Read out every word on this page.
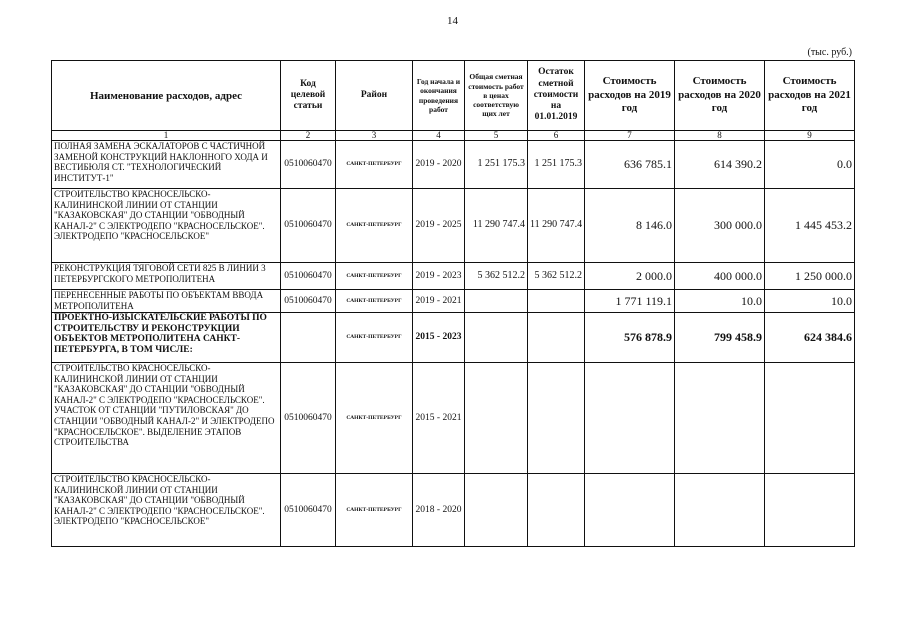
14
(тыс. руб.)
Наименование расходов, адрес	Код целевой статьи	Район	Год начала и окончания проведения работ	Общая сметная стоимость работ в ценах соответствую щих лет	Остаток сметной стоимости на 01.01.2019	Стоимость расходов на 2019 год	Стоимость расходов на 2020 год	Стоимость расходов на 2021 год
1	2	3	4	5	6	7	8	9
ПОЛНАЯ ЗАМЕНА ЭСКАЛАТОРОВ С ЧАСТИЧНОЙ ЗАМЕНОЙ КОНСТРУКЦИЙ НАКЛОННОГО ХОДА И ВЕСТИБЮЛЯ СТ. "ТЕХНОЛОГИЧЕСКИЙ ИНСТИТУТ-1"	0510060470	САНКТ-ПЕТЕРБУРГ	2019 - 2020	1 251 175.3	1 251 175.3	636 785.1	614 390.2	0.0
СТРОИТЕЛЬСТВО КРАСНОСЕЛЬСКО-КАЛИНИНСКОЙ ЛИНИИ ОТ СТАНЦИИ "КАЗАКОВСКАЯ" ДО СТАНЦИИ "ОБВОДНЫЙ КАНАЛ-2" С ЭЛЕКТРОДЕПО "КРАСНОСЕЛЬСКОЕ". ЭЛЕКТРОДЕПО "КРАСНОСЕЛЬСКОЕ"	0510060470	САНКТ-ПЕТЕРБУРГ	2019 - 2025	11 290 747.4	11 290 747.4	8 146.0	300 000.0	1 445 453.2
РЕКОНСТРУКЦИЯ ТЯГОВОЙ СЕТИ 825 В ЛИНИИ 3 ПЕТЕРБУРГСКОГО МЕТРОПОЛИТЕНА	0510060470	САНКТ-ПЕТЕРБУРГ	2019 - 2023	5 362 512.2	5 362 512.2	2 000.0	400 000.0	1 250 000.0
ПЕРЕНЕСЕННЫЕ РАБОТЫ ПО ОБЪЕКТАМ ВВОДА МЕТРОПОЛИТЕНА	0510060470	САНКТ-ПЕТЕРБУРГ	2019 - 2021			1 771 119.1	10.0	10.0
ПРОЕКТНО-ИЗЫСКАТЕЛЬСКИЕ РАБОТЫ ПО СТРОИТЕЛЬСТВУ И РЕКОНСТРУКЦИИ ОБЪЕКТОВ МЕТРОПОЛИТЕНА САНКТ-ПЕТЕРБУРГА, В ТОМ ЧИСЛЕ:		САНКТ-ПЕТЕРБУРГ	2015 - 2023			576 878.9	799 458.9	624 384.6
СТРОИТЕЛЬСТВО КРАСНОСЕЛЬСКО-КАЛИНИНСКОЙ ЛИНИИ ОТ СТАНЦИИ "КАЗАКОВСКАЯ" ДО СТАНЦИИ "ОБВОДНЫЙ КАНАЛ-2" С ЭЛЕКТРОДЕПО "КРАСНОСЕЛЬСКОЕ". УЧАСТОК ОТ СТАНЦИИ "ПУТИЛОВСКАЯ" ДО СТАНЦИИ "ОБВОДНЫЙ КАНАЛ-2" И ЭЛЕКТРОДЕПО "КРАСНОСЕЛЬСКОЕ". ВЫДЕЛЕНИЕ ЭТАПОВ СТРОИТЕЛЬСТВА	0510060470	САНКТ-ПЕТЕРБУРГ	2015 - 2021					
СТРОИТЕЛЬСТВО КРАСНОСЕЛЬСКО-КАЛИНИНСКОЙ ЛИНИИ ОТ СТАНЦИИ "КАЗАКОВСКАЯ" ДО СТАНЦИИ "ОБВОДНЫЙ КАНАЛ-2" С ЭЛЕКТРОДЕПО "КРАСНОСЕЛЬСКОЕ". ЭЛЕКТРОДЕПО "КРАСНОСЕЛЬСКОЕ"	0510060470	САНКТ-ПЕТЕРБУРГ	2018 - 2020					
